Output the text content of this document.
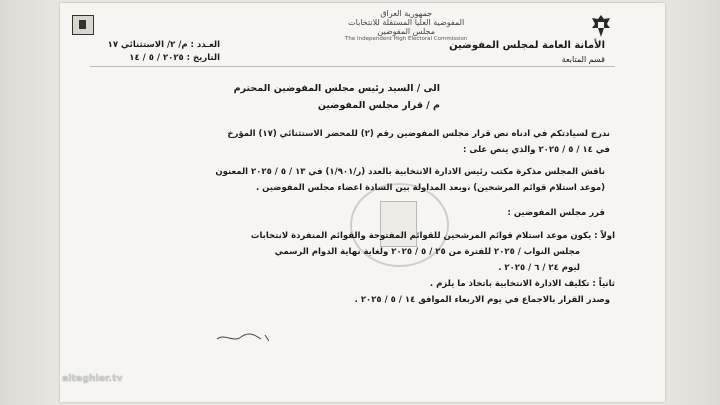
جمهورية العراق
المفوضية العليا المستقلة للانتخابات
مجلس المفوضين
The Independent High Electoral Commission
الأمانة العامة لمجلس المفوضين
قسم المتابعة
العـدد : م/ ٢/ الاستثنائي ١٧
التاريخ : ٢٠٢٥ / ٥ / ١٤
الى / السيد رئيس مجلس المفوضين المحترم
م / قرار مجلس المفوضين
ندرج لسيادتكم في ادناه نص قرار مجلس المفوضين رقم (٢) للمحضر الاستثنائي (١٧) المؤرخ
في ١٤ / ٥ / ٢٠٢٥ والذي ينص على :
ناقش المجلس مذكرة مكتب رئيس الادارة الانتخابية بالعدد (ر/١/٩٠١) في ١٣ / ٥ / ٢٠٢٥ المعنون
(موعد استلام قوائم المرشحين) ،وبعد المداولة بين السادة اعضاء مجلس المفوضين .
قرر مجلس المفوضين :
اولاً : يكون موعد استلام قوائم المرشحين للقوائم المفتوحة والقوائم المنفردة لانتخابات
مجلس النواب / ٢٠٢٥ للفترة من ٢٥ / ٥ / ٢٠٢٥ ولغاية نهاية الدوام الرسمي
ليوم ٢٤ / ٦ / ٢٠٢٥ .
ثانياً : تكليف الادارة الانتخابية باتخاذ ما يلزم .
وصدر القرار بالاجماع في يوم الاربعاء الموافق ١٤ / ٥ / ٢٠٢٥ .
altaghier.tv
